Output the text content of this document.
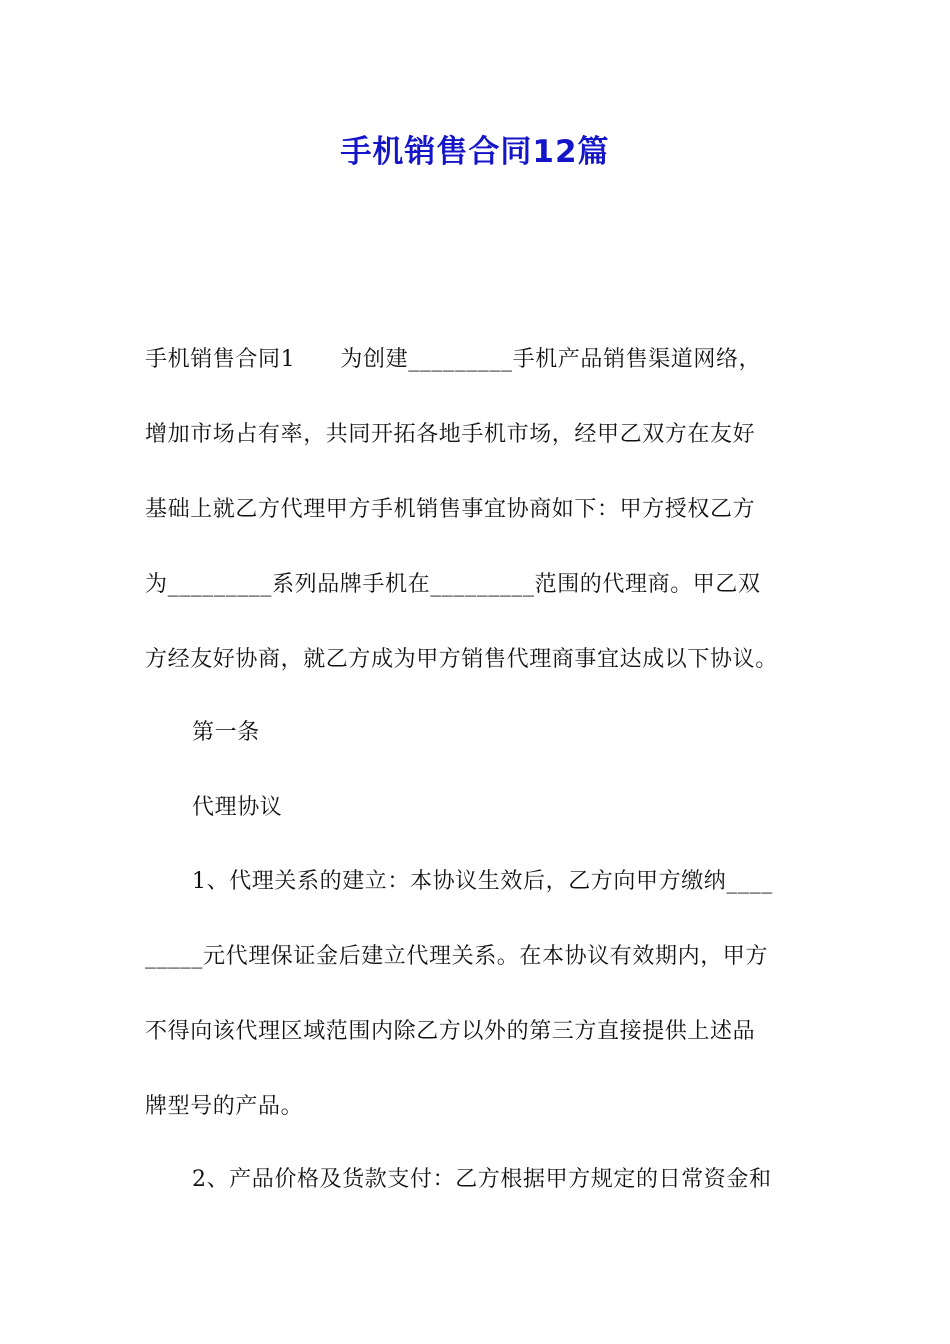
手机销售合同12篇
手机销售合同1　　为创建_________手机产品销售渠道网络，
增加市场占有率，共同开拓各地手机市场，经甲乙双方在友好
基础上就乙方代理甲方手机销售事宜协商如下：甲方授权乙方
为_________系列品牌手机在_________范围的代理商。甲乙双
方经友好协商，就乙方成为甲方销售代理商事宜达成以下协议。
第一条
代理协议
1、代理关系的建立：本协议生效后，乙方向甲方缴纳____
_____元代理保证金后建立代理关系。在本协议有效期内，甲方
不得向该代理区域范围内除乙方以外的第三方直接提供上述品
牌型号的产品。
2、产品价格及货款支付：乙方根据甲方规定的日常资金和
